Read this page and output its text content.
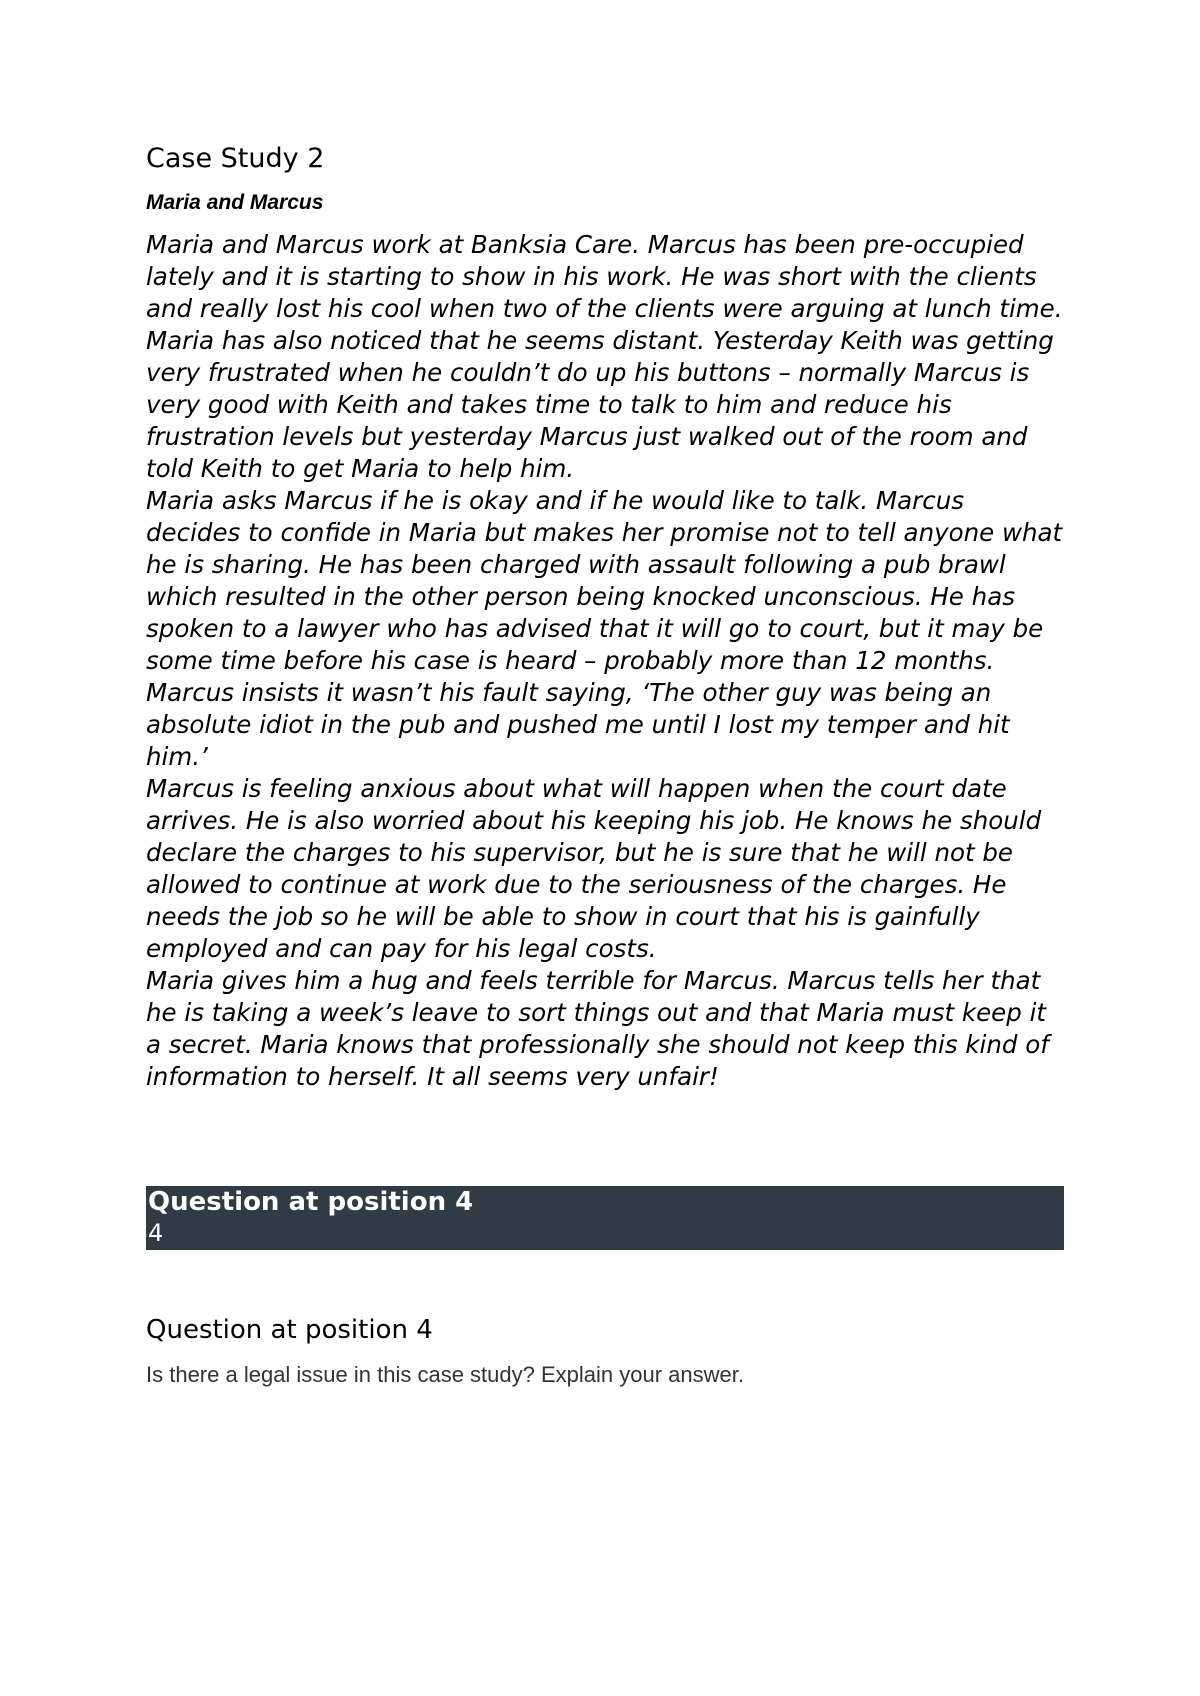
Case Study 2
Maria and Marcus

Maria and Marcus work at Banksia Care. Marcus has been pre-occupied lately and it is starting to show in his work. He was short with the clients and really lost his cool when two of the clients were arguing at lunch time. Maria has also noticed that he seems distant. Yesterday Keith was getting very frustrated when he couldn’t do up his buttons – normally Marcus is very good with Keith and takes time to talk to him and reduce his frustration levels but yesterday Marcus just walked out of the room and told Keith to get Maria to help him.

Maria asks Marcus if he is okay and if he would like to talk. Marcus decides to confide in Maria but makes her promise not to tell anyone what he is sharing. He has been charged with assault following a pub brawl which resulted in the other person being knocked unconscious. He has spoken to a lawyer who has advised that it will go to court, but it may be some time before his case is heard – probably more than 12 months. Marcus insists it wasn’t his fault saying, ‘The other guy was being an absolute idiot in the pub and pushed me until I lost my temper and hit him.’

Marcus is feeling anxious about what will happen when the court date arrives. He is also worried about his keeping his job. He knows he should declare the charges to his supervisor, but he is sure that he will not be allowed to continue at work due to the seriousness of the charges. He needs the job so he will be able to show in court that his is gainfully employed and can pay for his legal costs.

Maria gives him a hug and feels terrible for Marcus. Marcus tells her that he is taking a week’s leave to sort things out and that Maria must keep it a secret. Maria knows that professionally she should not keep this kind of information to herself. It all seems very unfair!

Question at position 4
4
Question at position 4

Is there a legal issue in this case study? Explain your answer.
